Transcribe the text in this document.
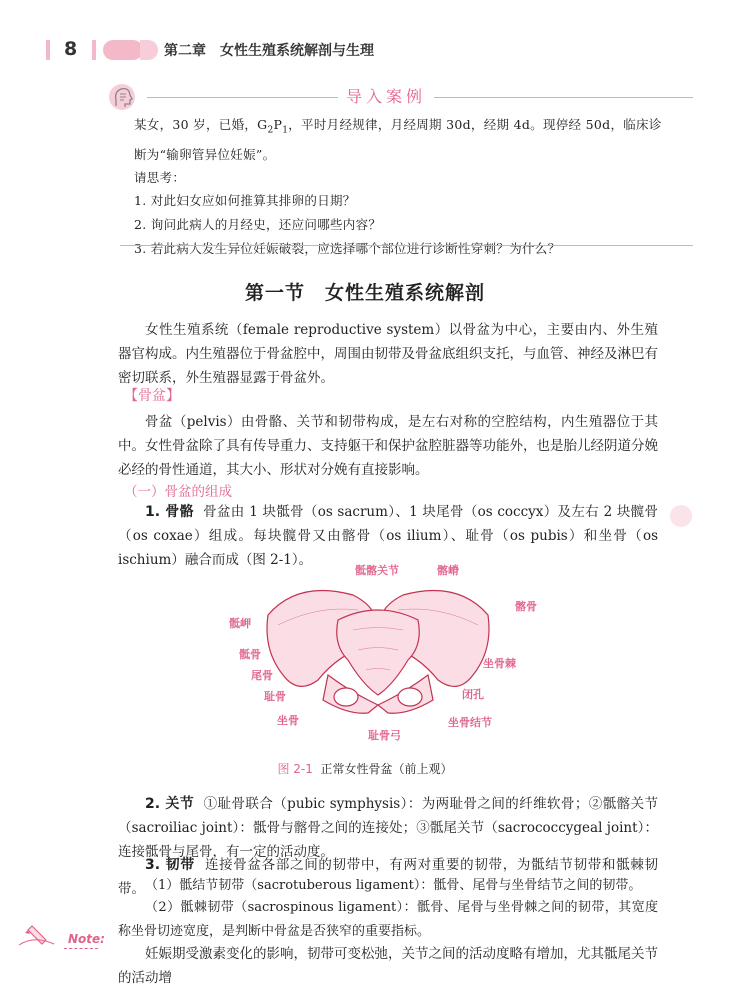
8	第二章　女性生殖系统解剖与生理
导入案例
某女，30 岁，已婚，$G_2P_1$，平时月经规律，月经周期 30d，经期 4d。现停经 50d，临床诊断为“输卵管异位妊娠”。
请思考：
1. 对此妇女应如何推算其排卵的日期？
2. 询问此病人的月经史，还应问哪些内容？
3. 若此病人发生异位妊娠破裂，应选择哪个部位进行诊断性穿刺？为什么？
第一节　女性生殖系统解剖
女性生殖系统（female reproductive system）以骨盆为中心，主要由内、外生殖器官构成。内生殖器位于骨盆腔中，周围由韧带及骨盆底组织支托，与血管、神经及淋巴有密切联系，外生殖器显露于骨盆外。
【骨盆】
骨盆（pelvis）由骨骼、关节和韧带构成，是左右对称的空腔结构，内生殖器位于其中。女性骨盆除了具有传导重力、支持躯干和保护盆腔脏器等功能外，也是胎儿经阴道分娩必经的骨性通道，其大小、形状对分娩有直接影响。
（一）骨盆的组成
1. 骨骼 骨盆由 1 块骶骨（os sacrum）、1 块尾骨（os coccyx）及左右 2 块髋骨（os coxae）组成。每块髋骨又由髂骨（os ilium）、耻骨（os pubis）和坐骨（os ischium）融合而成（图 2-1）。
骶髂关节	髂嵴
骶岬
髂骨
骶骨
坐骨棘
尾骨
闭孔
耻骨
坐骨	坐骨结节
耻骨弓
图 2-1 正常女性骨盆（前上观）
2. 关节 ①耻骨联合（pubic symphysis）：为两耻骨之间的纤维软骨；②骶髂关节（sacroiliac joint）：骶骨与髂骨之间的连接处；③骶尾关节（sacrococcygeal joint）：连接骶骨与尾骨，有一定的活动度。
3. 韧带 连接骨盆各部之间的韧带中，有两对重要的韧带，为骶结节韧带和骶棘韧带。 （1）骶结节韧带（sacrotuberous ligament）：骶骨、尾骨与坐骨结节之间的韧带。
（2）骶棘韧带（sacrospinous ligament）：骶骨、尾骨与坐骨棘之间的韧带，其宽度称坐骨切迹宽度，是判断中骨盆是否狭窄的重要指标。
妊娠期受激素变化的影响，韧带可变松弛，关节之间的活动度略有增加，尤其骶尾关节的活动增
Note:
